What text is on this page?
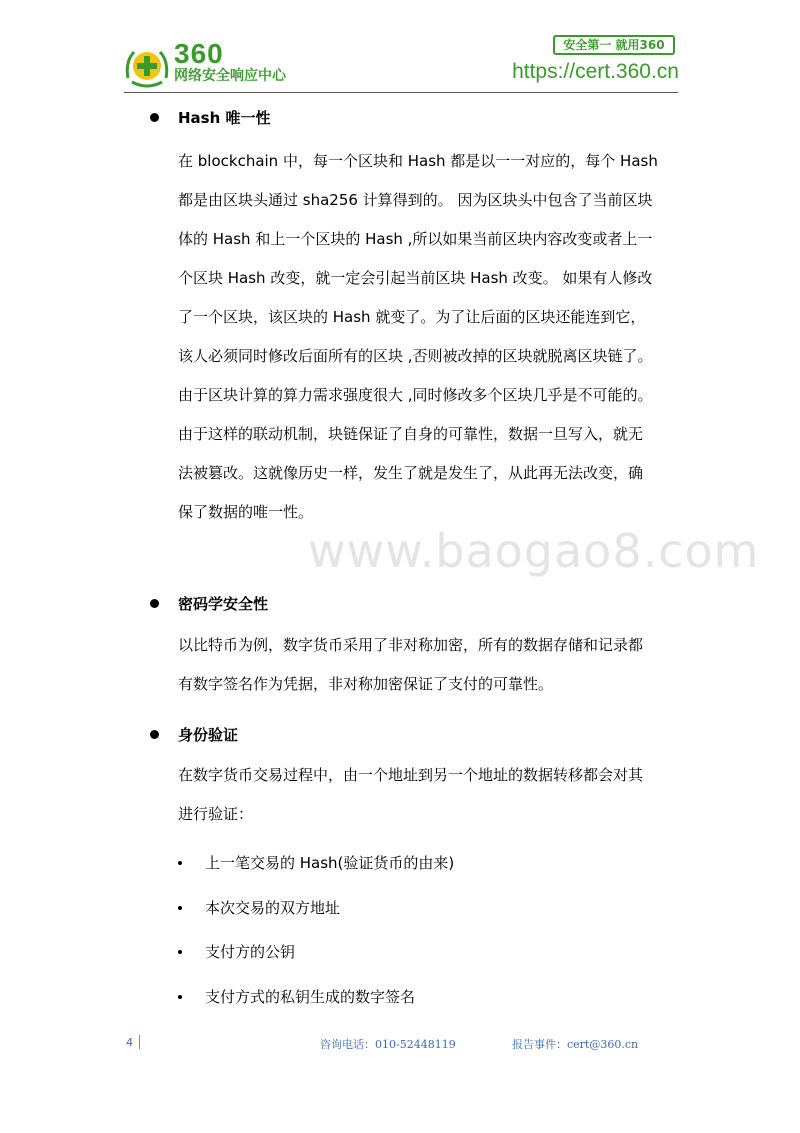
360
网络安全响应中心
安全第一 就用360
https://cert.360.cn
Hash 唯一性
在 blockchain 中，每一个区块和 Hash 都是以一一对应的，每个 Hash
都是由区块头通过 sha256 计算得到的。 因为区块头中包含了当前区块
体的 Hash 和上一个区块的 Hash ,所以如果当前区块内容改变或者上一
个区块 Hash 改变，就一定会引起当前区块 Hash 改变。 如果有人修改
了一个区块，该区块的 Hash 就变了。为了让后面的区块还能连到它，
该人必须同时修改后面所有的区块 ,否则被改掉的区块就脱离区块链了。
由于区块计算的算力需求强度很大 ,同时修改多个区块几乎是不可能的。
由于这样的联动机制，块链保证了自身的可靠性，数据一旦写入，就无
法被篡改。这就像历史一样，发生了就是发生了，从此再无法改变，确
保了数据的唯一性。
www.baogao8.com
密码学安全性
以比特币为例，数字货币采用了非对称加密，所有的数据存储和记录都
有数字签名作为凭据，非对称加密保证了支付的可靠性。
身份验证
在数字货币交易过程中，由一个地址到另一个地址的数据转移都会对其
进行验证：
上一笔交易的 Hash(验证货币的由来)
本次交易的双方地址
支付方的公钥
支付方式的私钥生成的数字签名
4	咨询电话：010-52448119	报告事件：cert@360.cn
